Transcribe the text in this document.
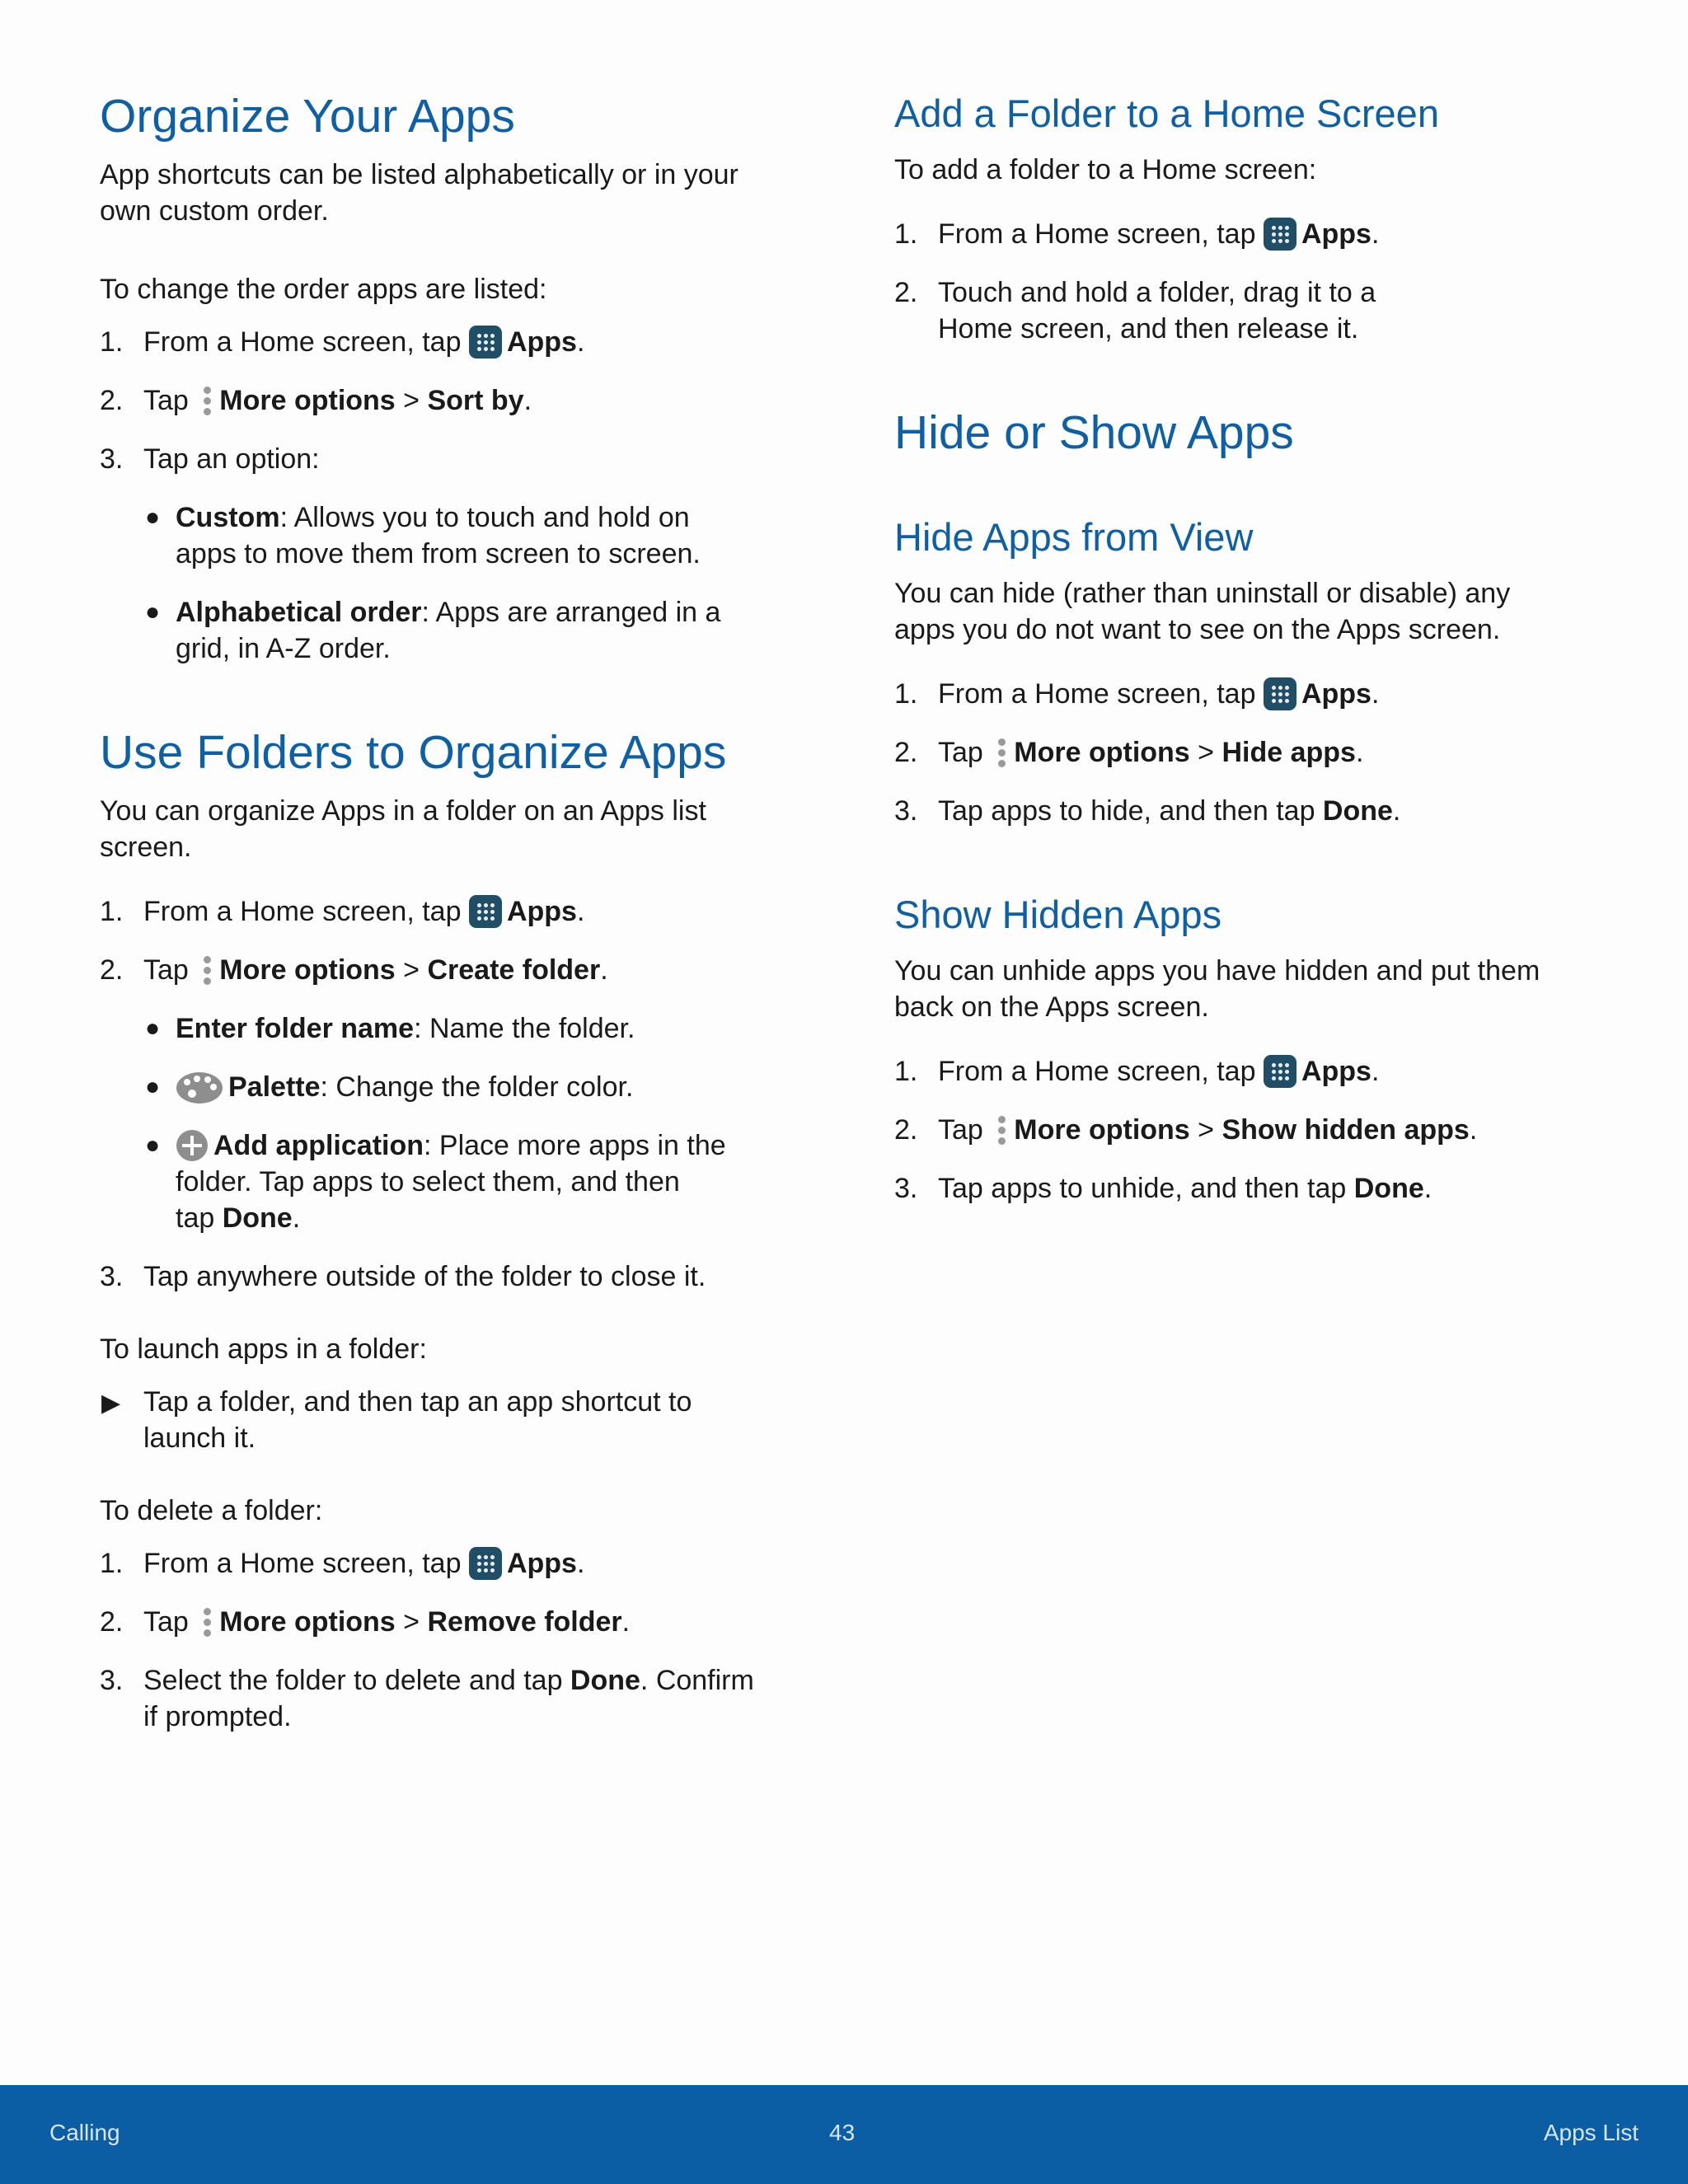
Organize Your Apps
App shortcuts can be listed alphabetically or in your
own custom order.
To change the order apps are listed:
1. From a Home screen, tap Apps.
2. Tap More options > Sort by.
3. Tap an option:
● Custom: Allows you to touch and hold on
apps to move them from screen to screen.
● Alphabetical order: Apps are arranged in a
grid, in A-Z order.
Use Folders to Organize Apps
You can organize Apps in a folder on an Apps list
screen.
1. From a Home screen, tap Apps.
2. Tap More options > Create folder.
● Enter folder name: Name the folder.
●	Palette: Change the folder color.
●	Add application: Place more apps in the
folder. Tap apps to select them, and then
tap Done.
3. Tap anywhere outside of the folder to close it.
To launch apps in a folder:
▶ Tap a folder, and then tap an app shortcut to
launch it.
To delete a folder:
1. From a Home screen, tap Apps.
2. Tap More options > Remove folder.
3. Select the folder to delete and tap Done. Confirm
if prompted.
Add a Folder to a Home Screen
To add a folder to a Home screen:
1. From a Home screen, tap Apps.
2. Touch and hold a folder, drag it to a
Home screen, and then release it.
Hide or Show Apps
Hide Apps from View
You can hide (rather than uninstall or disable) any
apps you do not want to see on the Apps screen.
1. From a Home screen, tap Apps.
2. Tap More options > Hide apps.
3. Tap apps to hide, and then tap Done.
Show Hidden Apps
You can unhide apps you have hidden and put them
back on the Apps screen.
1. From a Home screen, tap Apps.
2. Tap More options > Show hidden apps.
3. Tap apps to unhide, and then tap Done.
Calling	43	Apps List
